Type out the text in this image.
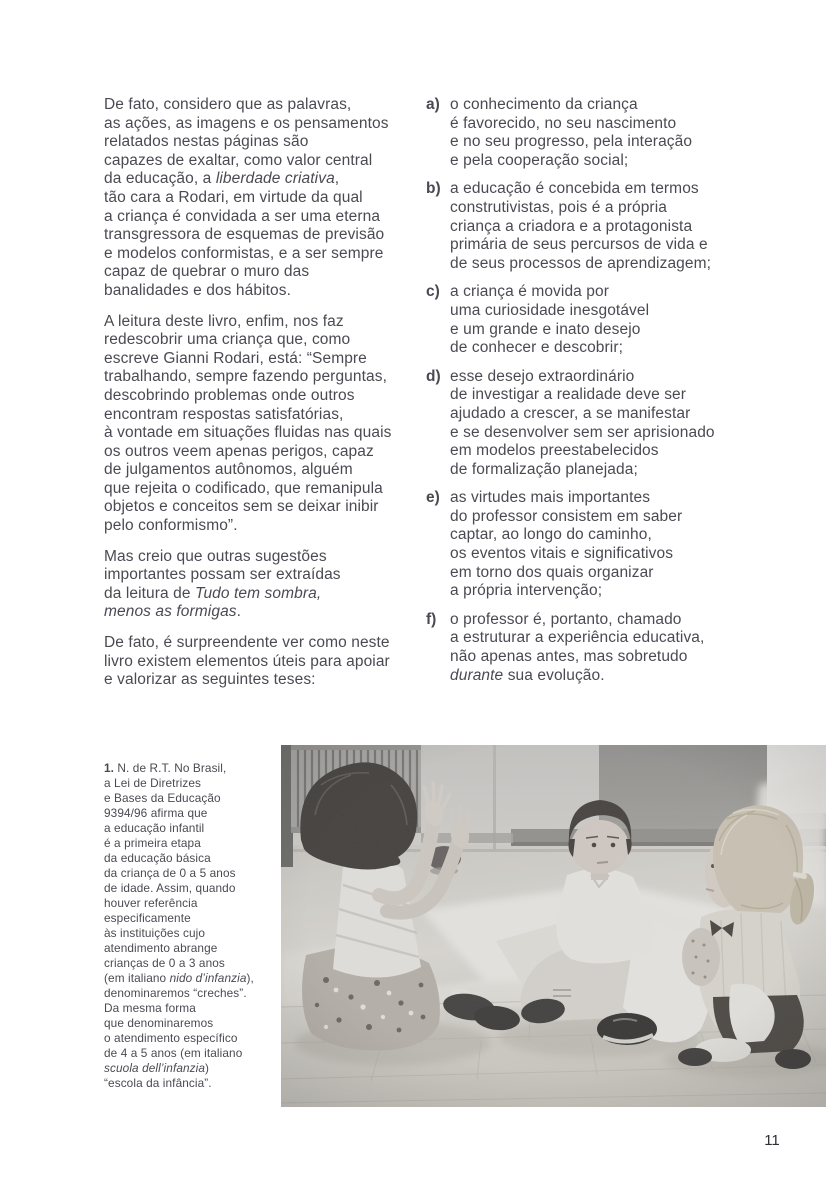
De fato, considero que as palavras,
as ações, as imagens e os pensamentos
relatados nestas páginas são
capazes de exaltar, como valor central
da educação, a liberdade criativa,
tão cara a Rodari, em virtude da qual
a criança é convidada a ser uma eterna
transgressora de esquemas de previsão
e modelos conformistas, e a ser sempre
capaz de quebrar o muro das
banalidades e dos hábitos.

A leitura deste livro, enfim, nos faz
redescobrir uma criança que, como
escreve Gianni Rodari, está: “Sempre
trabalhando, sempre fazendo perguntas,
descobrindo problemas onde outros
encontram respostas satisfatórias,
à vontade em situações fluidas nas quais
os outros veem apenas perigos, capaz
de julgamentos autônomos, alguém
que rejeita o codificado, que remanipula
objetos e conceitos sem se deixar inibir
pelo conformismo”.

Mas creio que outras sugestões
importantes possam ser extraídas
da leitura de Tudo tem sombra,
menos as formigas.

De fato, é surpreendente ver como neste
livro existem elementos úteis para apoiar
e valorizar as seguintes teses:

a) o conhecimento da criança
é favorecido, no seu nascimento
e no seu progresso, pela interação
e pela cooperação social;

b) a educação é concebida em termos
construtivistas, pois é a própria
criança a criadora e a protagonista
primária de seus percursos de vida e
de seus processos de aprendizagem;

c) a criança é movida por
uma curiosidade inesgotável
e um grande e inato desejo
de conhecer e descobrir;

d) esse desejo extraordinário
de investigar a realidade deve ser
ajudado a crescer, a se manifestar
e se desenvolver sem ser aprisionado
em modelos preestabelecidos
de formalização planejada;

e) as virtudes mais importantes
do professor consistem em saber
captar, ao longo do caminho,
os eventos vitais e significativos
em torno dos quais organizar
a própria intervenção;

f) o professor é, portanto, chamado
a estruturar a experiência educativa,
não apenas antes, mas sobretudo
durante sua evolução.

1. N. de R.T. No Brasil,
a Lei de Diretrizes
e Bases da Educação
9394/96 afirma que
a educação infantil
é a primeira etapa
da educação básica
da criança de 0 a 5 anos
de idade. Assim, quando
houver referência
especificamente
às instituições cujo
atendimento abrange
crianças de 0 a 3 anos
(em italiano nido d’infanzia),
denominaremos “creches”.
Da mesma forma
que denominaremos
o atendimento específico
de 4 a 5 anos (em italiano
scuola dell’infanzia)
“escola da infância”.
11
